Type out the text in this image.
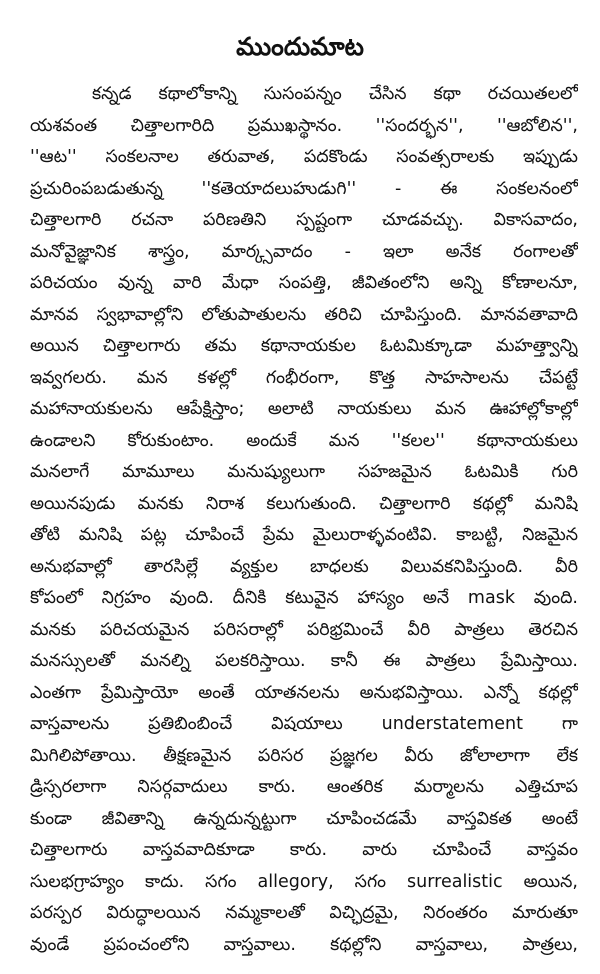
ముందుమాట
కన్నడ కథాలోకాన్ని సుసంపన్నం చేసిన కథా రచయితలలో
యశవంత చిత్తాలగారిది ప్రముఖస్థానం. ''సందర్భన'', ''ఆబోలిన'',
''ఆట'' సంకలనాల తరువాత, పదకొండు సంవత్సరాలకు ఇప్పుడు
ప్రచురింపబడుతున్న ''కతెయాదలుహుడుగి'' - ఈ సంకలనంలో
చిత్తాలగారి రచనా పరిణతిని స్పష్టంగా చూడవచ్చు. వికాసవాదం,
మనోవైజ్ఞానిక శాస్త్రం, మార్క్సవాదం - ఇలా అనేక రంగాలతో
పరిచయం వున్న వారి మేధా సంపత్తి, జీవితంలోని అన్ని కోణాలనూ,
మానవ స్వభావాల్లోని లోతుపాతులను తరిచి చూపిస్తుంది. మానవతావాది
అయిన చిత్తాలగారు తమ కథానాయకుల ఓటమిక్కూడా మహత్త్వాన్ని
ఇవ్వగలరు. మన కళల్లో గంభీరంగా, కొత్త సాహసాలను చేపట్టే
మహానాయకులను ఆపేక్షిస్తాం; అలాటి నాయకులు మన ఊహాల్లోకాల్లో
ఉండాలని కోరుకుంటాం. అందుకే మన ''కలల'' కథానాయకులు
మనలాగే మామూలు మనుష్యులుగా సహజమైన ఓటమికి గురి
అయినపుడు మనకు నిరాశ కలుగుతుంది. చిత్తాలగారి కథల్లో మనిషి
తోటి మనిషి పట్ల చూపించే ప్రేమ మైలురాళ్ళవంటివి. కాబట్టి, నిజమైన
అనుభవాల్లో తారసిల్లే వ్యక్తుల బాధలకు విలువకనిపిస్తుంది. వీరి
కోపంలో నిగ్రహం వుంది. దీనికి కటువైన హాస్యం అనే mask వుంది.
మనకు పరిచయమైన పరిసరాల్లో పరిభ్రమించే వీరి పాత్రలు తెరచిన
మనస్సులతో మనల్ని పలకరిస్తాయి. కానీ ఈ పాత్రలు ప్రేమిస్తాయి.
ఎంతగా ప్రేమిస్తాయో అంతే యాతనలను అనుభవిస్తాయి. ఎన్నో కథల్లో
వాస్తవాలను ప్రతిబింబించే విషయాలు understatement గా
మిగిలిపోతాయి. తీక్షణమైన పరిసర ప్రజ్ఞగల వీరు జోలాలాగా లేక
డ్రిస్సరలాగా నిసర్గవాదులు కారు. ఆంతరిక మర్మాలను ఎత్తిచూప
కుండా జీవితాన్ని ఉన్నదున్నట్టుగా చూపించడమే వాస్తవికత అంటే
చిత్తాలగారు వాస్తవవాదికూడా కారు. వారు చూపించే వాస్తవం
సులభగ్రాహ్యం కాదు. సగం allegory, సగం surrealistic అయిన,
పరస్పర విరుద్ధాలయిన నమ్మకాలతో విచ్ఛిద్రమై, నిరంతరం మారుతూ
వుండే ప్రపంచంలోని వాస్తవాలు. కథల్లోని వాస్తవాలు, పాత్రలు,
